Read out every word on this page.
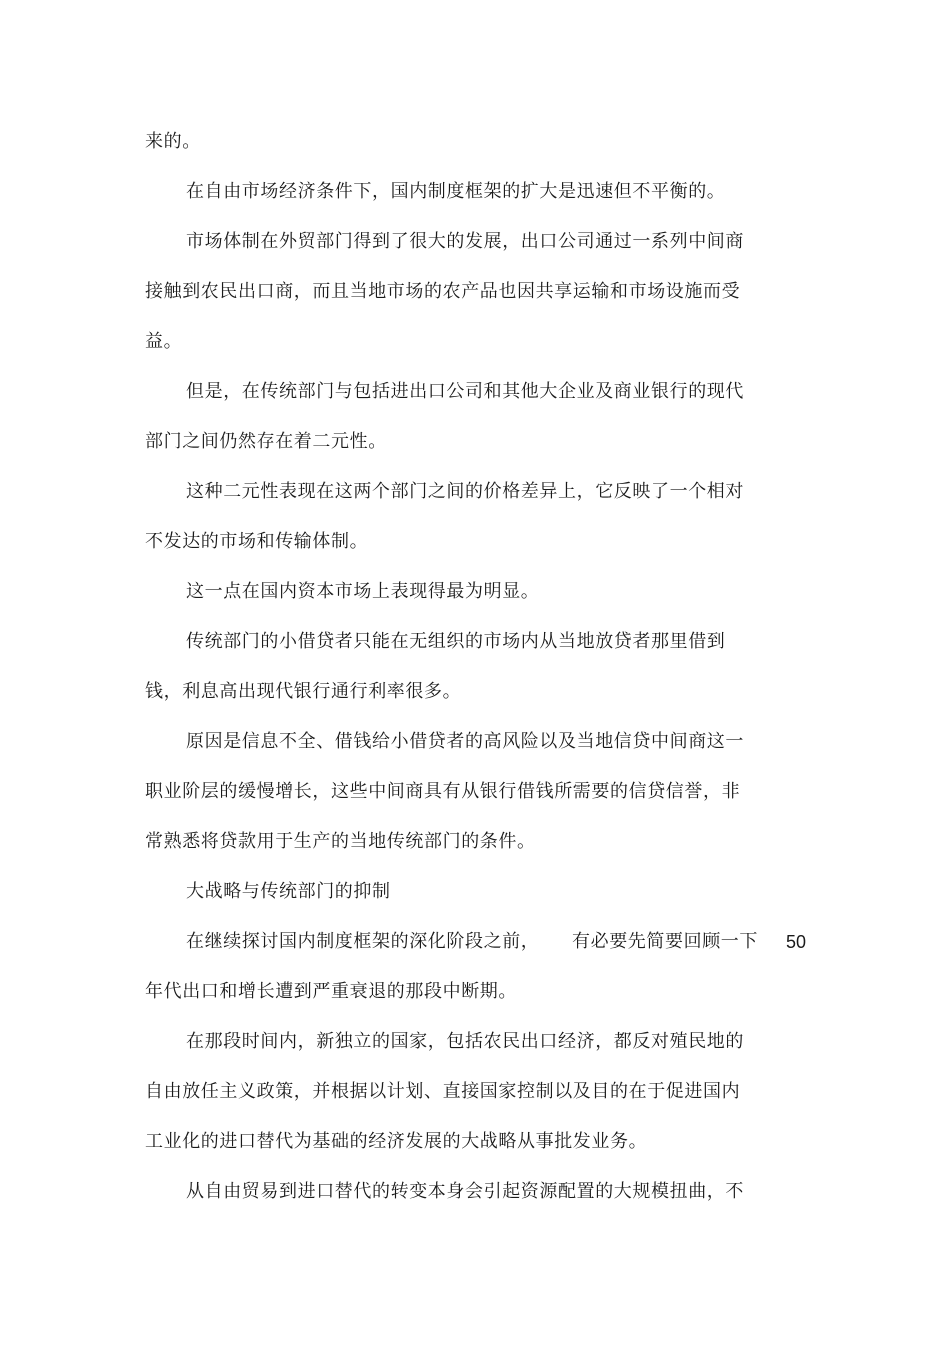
来的。
在自由市场经济条件下，国内制度框架的扩大是迅速但不平衡的。
市场体制在外贸部门得到了很大的发展，出口公司通过一系列中间商
接触到农民出口商，而且当地市场的农产品也因共享运输和市场设施而受
益。
但是，在传统部门与包括进出口公司和其他大企业及商业银行的现代
部门之间仍然存在着二元性。
这种二元性表现在这两个部门之间的价格差异上，它反映了一个相对
不发达的市场和传输体制。
这一点在国内资本市场上表现得最为明显。
传统部门的小借贷者只能在无组织的市场内从当地放贷者那里借到
钱，利息高出现代银行通行利率很多。
原因是信息不全、借钱给小借贷者的高风险以及当地信贷中间商这一
职业阶层的缓慢增长，这些中间商具有从银行借钱所需要的信贷信誉，非
常熟悉将贷款用于生产的当地传统部门的条件。
大战略与传统部门的抑制
在继续探讨国内制度框架的深化阶段之前， 有必要先简要回顾一下 50
年代出口和增长遭到严重衰退的那段中断期。
在那段时间内，新独立的国家，包括农民出口经济，都反对殖民地的
自由放任主义政策，并根据以计划、直接国家控制以及目的在于促进国内
工业化的进口替代为基础的经济发展的大战略从事批发业务。
从自由贸易到进口替代的转变本身会引起资源配置的大规模扭曲，不
